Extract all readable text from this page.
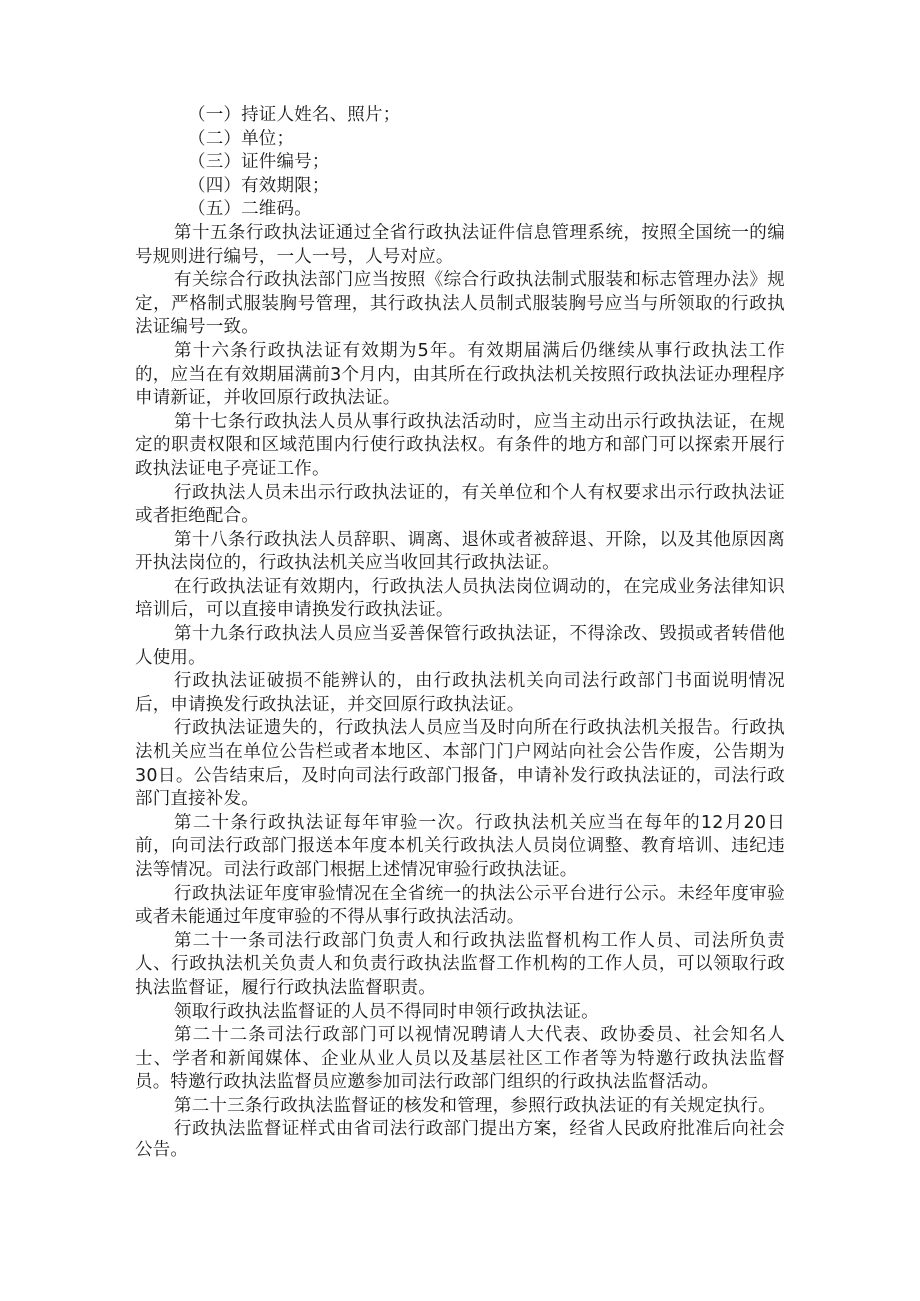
（一）持证人姓名、照片；

（二）单位；

（三）证件编号；

（四）有效期限；

（五）二维码。

第十五条行政执法证通过全省行政执法证件信息管理系统，按照全国统一的编号规则进行编号，一人一号，人号对应。

有关综合行政执法部门应当按照《综合行政执法制式服装和标志管理办法》规定，严格制式服装胸号管理，其行政执法人员制式服装胸号应当与所领取的行政执法证编号一致。

第十六条行政执法证有效期为5年。有效期届满后仍继续从事行政执法工作的，应当在有效期届满前3个月内，由其所在行政执法机关按照行政执法证办理程序申请新证，并收回原行政执法证。

第十七条行政执法人员从事行政执法活动时，应当主动出示行政执法证，在规定的职责权限和区域范围内行使行政执法权。有条件的地方和部门可以探索开展行政执法证电子亮证工作。

行政执法人员未出示行政执法证的，有关单位和个人有权要求出示行政执法证或者拒绝配合。

第十八条行政执法人员辞职、调离、退休或者被辞退、开除，以及其他原因离开执法岗位的，行政执法机关应当收回其行政执法证。

在行政执法证有效期内，行政执法人员执法岗位调动的，在完成业务法律知识培训后，可以直接申请换发行政执法证。

第十九条行政执法人员应当妥善保管行政执法证，不得涂改、毁损或者转借他人使用。

行政执法证破损不能辨认的，由行政执法机关向司法行政部门书面说明情况后，申请换发行政执法证，并交回原行政执法证。

行政执法证遗失的，行政执法人员应当及时向所在行政执法机关报告。行政执法机关应当在单位公告栏或者本地区、本部门门户网站向社会公告作废，公告期为30日。公告结束后，及时向司法行政部门报备，申请补发行政执法证的，司法行政部门直接补发。

第二十条行政执法证每年审验一次。行政执法机关应当在每年的12月20日前，向司法行政部门报送本年度本机关行政执法人员岗位调整、教育培训、违纪违法等情况。司法行政部门根据上述情况审验行政执法证。

行政执法证年度审验情况在全省统一的执法公示平台进行公示。未经年度审验或者未能通过年度审验的不得从事行政执法活动。

第二十一条司法行政部门负责人和行政执法监督机构工作人员、司法所负责人、行政执法机关负责人和负责行政执法监督工作机构的工作人员，可以领取行政执法监督证，履行行政执法监督职责。

领取行政执法监督证的人员不得同时申领行政执法证。

第二十二条司法行政部门可以视情况聘请人大代表、政协委员、社会知名人士、学者和新闻媒体、企业从业人员以及基层社区工作者等为特邀行政执法监督员。特邀行政执法监督员应邀参加司法行政部门组织的行政执法监督活动。

第二十三条行政执法监督证的核发和管理，参照行政执法证的有关规定执行。

行政执法监督证样式由省司法行政部门提出方案，经省人民政府批准后向社会公告。
